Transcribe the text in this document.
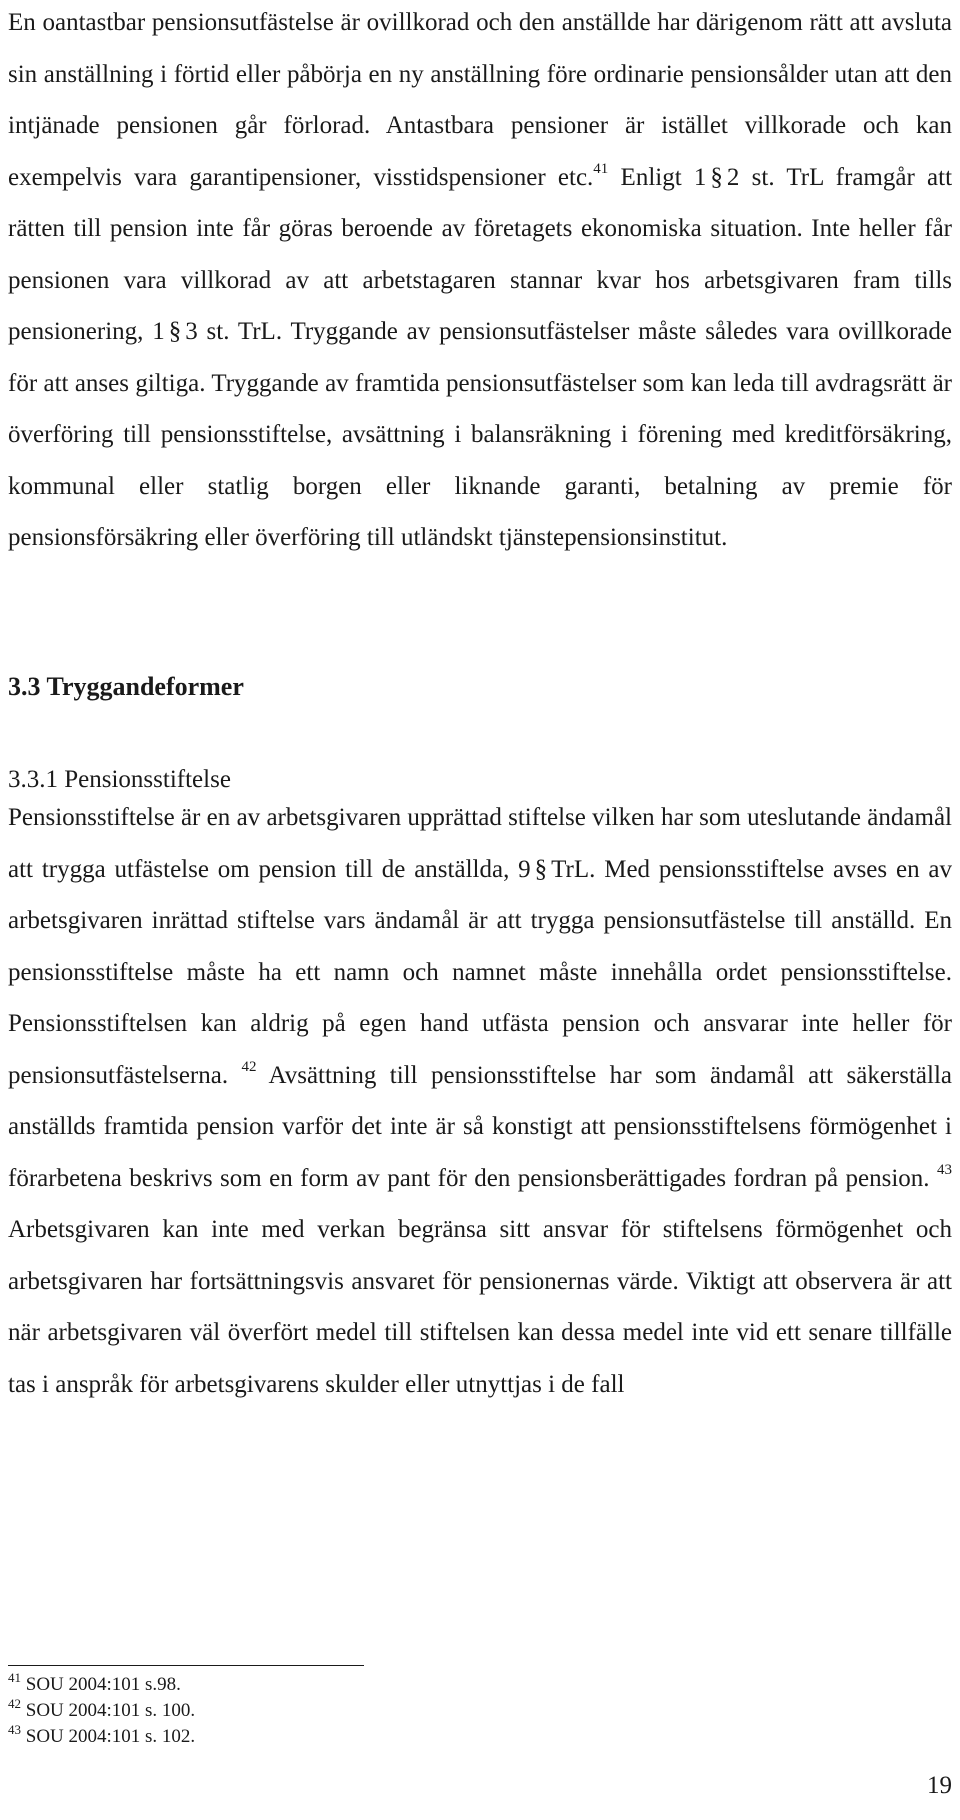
En oantastbar pensionsutfästelse är ovillkorad och den anställde har därigenom rätt att avsluta sin anställning i förtid eller påbörja en ny anställning före ordinarie pensionsålder utan att den intjänade pensionen går förlorad. Antastbara pensioner är istället villkorade och kan exempelvis vara garantipensioner, visstidspensioner etc.$^{41}$ Enligt 1 § 2 st. TrL framgår att rätten till pension inte får göras beroende av företagets ekonomiska situation. Inte heller får pensionen vara villkorad av att arbetstagaren stannar kvar hos arbetsgivaren fram tills pensionering, 1 § 3 st. TrL. Tryggande av pensionsutfästelser måste således vara ovillkorade för att anses giltiga. Tryggande av framtida pensionsutfästelser som kan leda till avdragsrätt är överföring till pensionsstiftelse, avsättning i balansräkning i förening med kreditförsäkring, kommunal eller statlig borgen eller liknande garanti, betalning av premie för pensionsförsäkring eller överföring till utländskt tjänstepensionsinstitut.

3.3 Tryggandeformer
3.3.1 Pensionsstiftelse

Pensionsstiftelse är en av arbetsgivaren upprättad stiftelse vilken har som uteslutande ändamål att trygga utfästelse om pension till de anställda, 9 § TrL. Med pensionsstiftelse avses en av arbetsgivaren inrättad stiftelse vars ändamål är att trygga pensionsutfästelse till anställd. En pensionsstiftelse måste ha ett namn och namnet måste innehålla ordet pensionsstiftelse. Pensionsstiftelsen kan aldrig på egen hand utfästa pension och ansvarar inte heller för pensionsutfästelserna. $^{42}$ Avsättning till pensionsstiftelse har som ändamål att säkerställa anställds framtida pension varför det inte är så konstigt att pensionsstiftelsens förmögenhet i förarbetena beskrivs som en form av pant för den pensionsberättigades fordran på pension. $^{43}$ Arbetsgivaren kan inte med verkan begränsa sitt ansvar för stiftelsens förmögenhet och arbetsgivaren har fortsättningsvis ansvaret för pensionernas värde. Viktigt att observera är att när arbetsgivaren väl överfört medel till stiftelsen kan dessa medel inte vid ett senare tillfälle tas i anspråk för arbetsgivarens skulder eller utnyttjas i de fall

$^{41}$ SOU 2004:101 s.98.
$^{42}$ SOU 2004:101 s. 100.
$^{43}$ SOU 2004:101 s. 102.
19
